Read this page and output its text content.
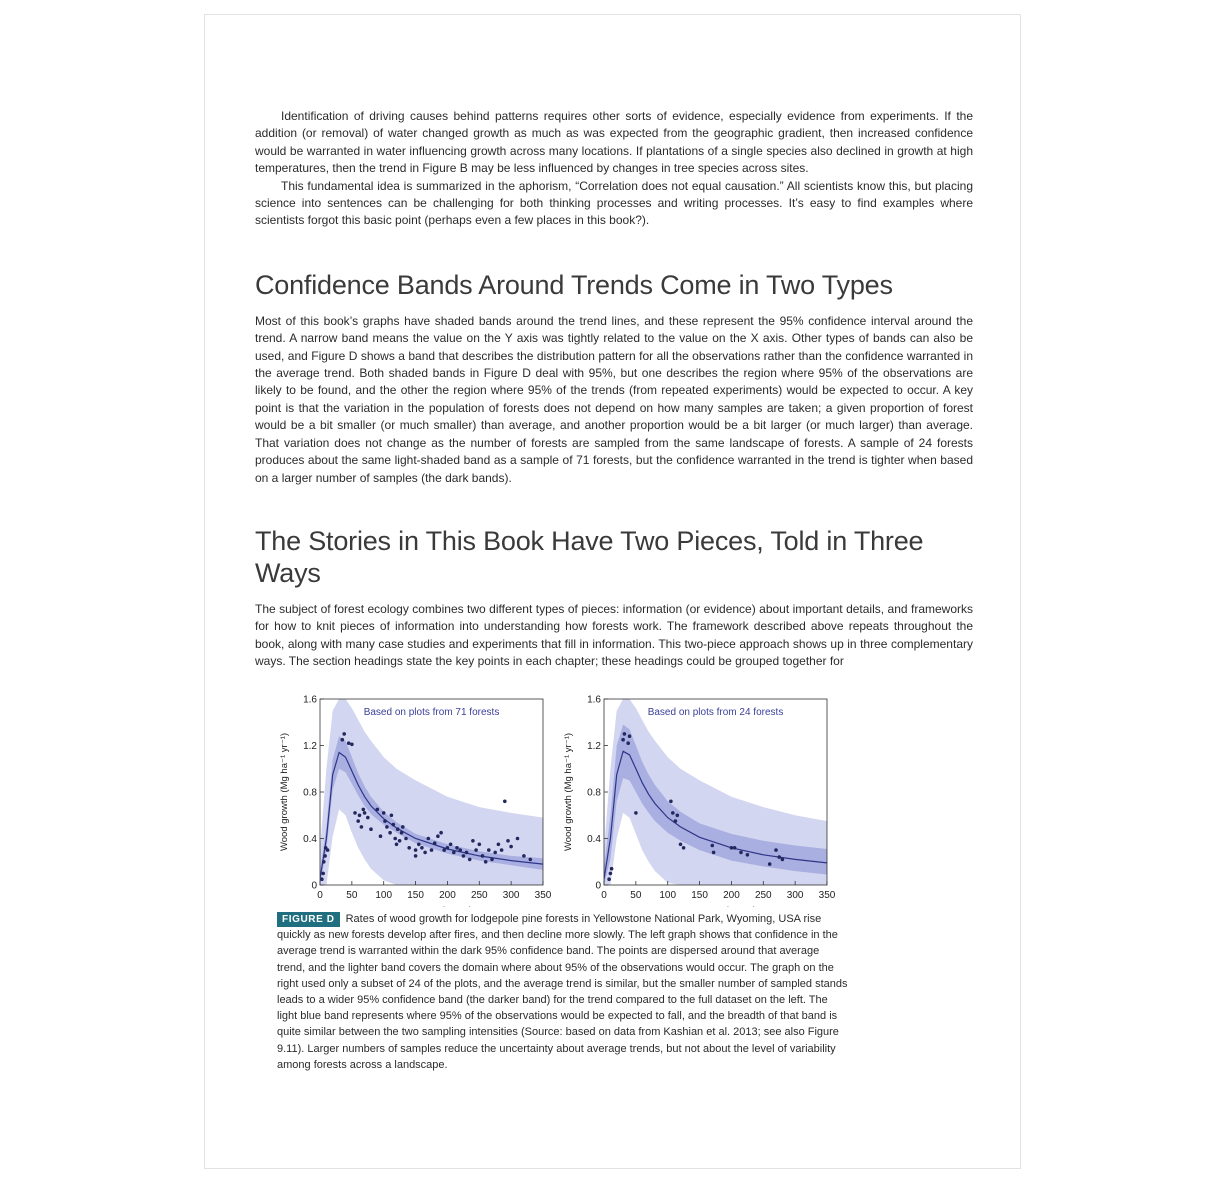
Identification of driving causes behind patterns requires other sorts of evidence, especially evidence from experiments. If the addition (or removal) of water changed growth as much as was expected from the geographic gradient, then increased confidence would be warranted in water influencing growth across many locations. If plantations of a single species also declined in growth at high temperatures, then the trend in Figure B may be less influenced by changes in tree species across sites.

This fundamental idea is summarized in the aphorism, “Correlation does not equal causation.” All scientists know this, but placing science into sentences can be challenging for both thinking processes and writing processes. It’s easy to find examples where scientists forgot this basic point (perhaps even a few places in this book?).

Confidence Bands Around Trends Come in Two Types

Most of this book’s graphs have shaded bands around the trend lines, and these represent the 95% confidence interval around the trend. A narrow band means the value on the Y axis was tightly related to the value on the X axis. Other types of bands can also be used, and Figure D shows a band that describes the distribution pattern for all the observations rather than the confidence warranted in the average trend. Both shaded bands in Figure D deal with 95%, but one describes the region where 95% of the observations are likely to be found, and the other the region where 95% of the trends (from repeated experiments) would be expected to occur. A key point is that the variation in the population of forests does not depend on how many samples are taken; a given proportion of forest would be a bit smaller (or much smaller) than average, and another proportion would be a bit larger (or much larger) than average. That variation does not change as the number of forests are sampled from the same landscape of forests. A sample of 24 forests produces about the same light-shaded band as a sample of 71 forests, but the confidence warranted in the trend is tighter when based on a larger number of samples (the dark bands).

The Stories in This Book Have Two Pieces, Told in Three Ways

The subject of forest ecology combines two different types of pieces: information (or evidence) about important details, and frameworks for how to knit pieces of information into understanding how forests work. The framework described above repeats throughout the book, along with many case studies and experiments that fill in information. This two-piece approach shows up in three complementary ways. The section headings state the key points in each chapter; these headings could be grouped together for

0 50 100 150 200 250 300 350
0
0.4
0.8
1.2
1.6
Wood growth (Mg ha⁻¹ yr⁻¹)
Based on plots from 71 forests
0 50 100 150 200 250 300 350
0
0.4
0.8
1.2
1.6
Wood growth (Mg ha⁻¹ yr⁻¹)
Based on plots from 24 forests
FIGURE D Rates of wood growth for lodgepole pine forests in Yellowstone National Park, Wyoming, USA rise quickly as new forests develop after fires, and then decline more slowly. The left graph shows that confidence in the average trend is warranted within the dark 95% confidence band. The points are dispersed around that average trend, and the lighter band covers the domain where about 95% of the observations would occur. The graph on the right used only a subset of 24 of the plots, and the average trend is similar, but the smaller number of sampled stands leads to a wider 95% confidence band (the darker band) for the trend compared to the full dataset on the left. The light blue band represents where 95% of the observations would be expected to fall, and the breadth of that band is quite similar between the two sampling intensities (Source: based on data from Kashian et al. 2013; see also Figure 9.11). Larger numbers of samples reduce the uncertainty about average trends, but not about the level of variability among forests across a landscape.
